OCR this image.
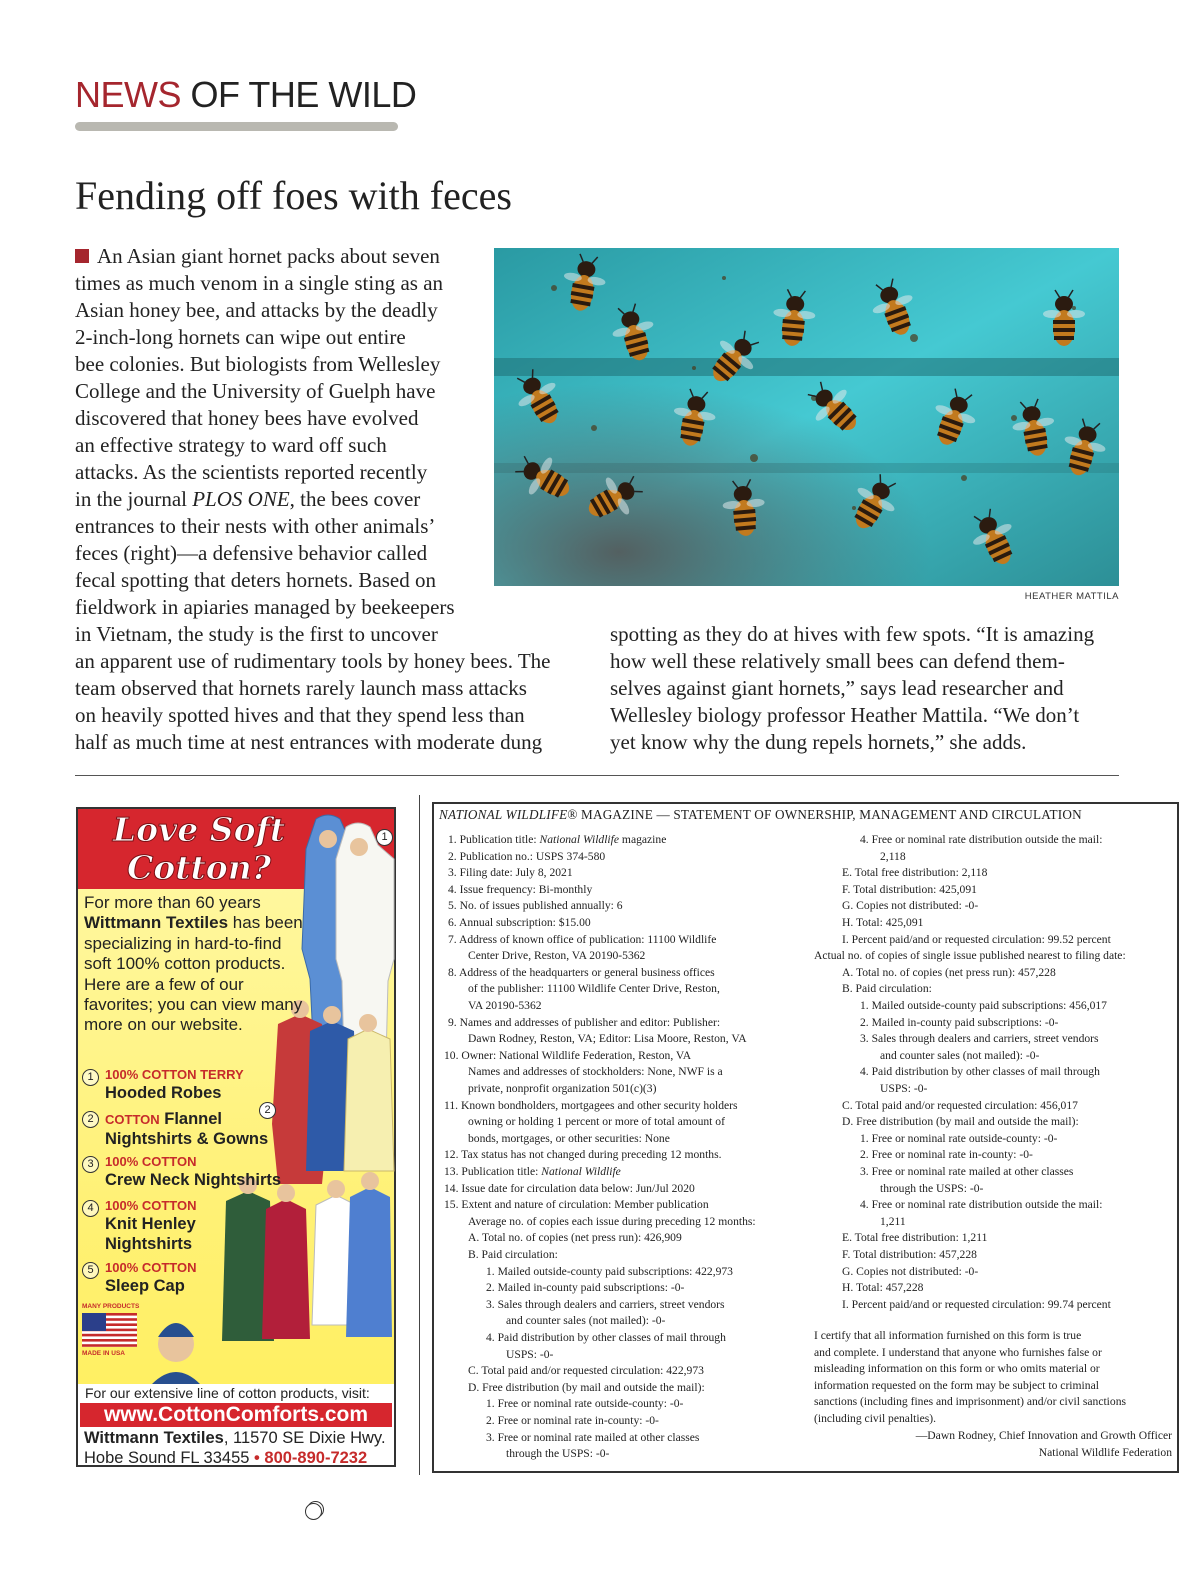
NEWS OF THE WILD
Fending off foes with feces
An Asian giant hornet packs about seven
times as much venom in a single sting as an
Asian honey bee, and attacks by the deadly
2-inch-long hornets can wipe out entire
bee colonies. But biologists from Wellesley
College and the University of Guelph have
discovered that honey bees have evolved
an effective strategy to ward off such
attacks. As the scientists reported recently
in the journal PLOS ONE, the bees cover
entrances to their nests with other animals’
feces (right)—a defensive behavior called
fecal spotting that deters hornets. Based on
fieldwork in apiaries managed by beekeepers
in Vietnam, the study is the first to uncover
an apparent use of rudimentary tools by honey bees. The
team observed that hornets rarely launch mass attacks
on heavily spotted hives and that they spend less than
half as much time at nest entrances with moderate dung
HEATHER MATTILA
spotting as they do at hives with few spots. “It is amazing
how well these relatively small bees can defend them-
selves against giant hornets,” says lead researcher and
Wellesley biology professor Heather Mattila. “We don’t
yet know why the dung repels hornets,” she adds.
Love Soft
Cotton?
MANY PRODUCTS
MADE IN USA
1
2
For more than 60 years Wittmann Textiles has been specializing in hard-to-find soft 100% cotton products. Here are a few of our favorites; you can view many more on our website.
1 100% COTTON TERRY
Hooded Robes
2 COTTON Flannel
Nightshirts & Gowns
3 100% COTTON
Crew Neck Nightshirts
4 100% COTTON
Knit Henley
Nightshirts
5 100% COTTON
Sleep Cap
For our extensive line of cotton products, visit:
www.CottonComforts.com
Wittmann Textiles, 11570 SE Dixie Hwy.
Hobe Sound FL 33455 • 800-890-7232
NATIONAL WILDLIFE® MAGAZINE — STATEMENT OF OWNERSHIP, MANAGEMENT AND CIRCULATION
I certify that all information furnished on this form is true
and complete. I understand that anyone who furnishes false or
misleading information on this form or who omits material or
information requested on the form may be subject to criminal
sanctions (including fines and imprisonment) and/or civil sanctions
(including civil penalties).
—Dawn Rodney, Chief Innovation and Growth Officer
National Wildlife Federation
1. Publication title: National Wildlife magazine
2. Publication no.: USPS 374-580
3. Filing date: July 8, 2021
4. Issue frequency: Bi-monthly
5. No. of issues published annually: 6
6. Annual subscription: $15.00
7. Address of known office of publication: 11100 Wildlife
Center Drive, Reston, VA 20190-5362
8. Address of the headquarters or general business offices
of the publisher: 11100 Wildlife Center Drive, Reston,
VA 20190-5362
9. Names and addresses of publisher and editor: Publisher:
Dawn Rodney, Reston, VA; Editor: Lisa Moore, Reston, VA
10. Owner: National Wildlife Federation, Reston, VA
Names and addresses of stockholders: None, NWF is a
private, nonprofit organization 501(c)(3)
11. Known bondholders, mortgagees and other security holders
owning or holding 1 percent or more of total amount of
bonds, mortgages, or other securities: None
12. Tax status has not changed during preceding 12 months.
13. Publication title: National Wildlife
14. Issue date for circulation data below: Jun/Jul 2020
15. Extent and nature of circulation: Member publication
Average no. of copies each issue during preceding 12 months:
A. Total no. of copies (net press run): 426,909
B. Paid circulation:
1. Mailed outside-county paid subscriptions: 422,973
2. Mailed in-county paid subscriptions: -0-
3. Sales through dealers and carriers, street vendors
and counter sales (not mailed): -0-
4. Paid distribution by other classes of mail through
USPS: -0-
C. Total paid and/or requested circulation: 422,973
D. Free distribution (by mail and outside the mail):
1. Free or nominal rate outside-county: -0-
2. Free or nominal rate in-county: -0-
3. Free or nominal rate mailed at other classes
through the USPS: -0-
4. Free or nominal rate distribution outside the mail:
2,118
E. Total free distribution: 2,118
F. Total distribution: 425,091
G. Copies not distributed: -0-
H. Total: 425,091
I. Percent paid/and or requested circulation: 99.52 percent
Actual no. of copies of single issue published nearest to filing date:
A. Total no. of copies (net press run): 457,228
B. Paid circulation:
1. Mailed outside-county paid subscriptions: 456,017
2. Mailed in-county paid subscriptions: -0-
3. Sales through dealers and carriers, street vendors
and counter sales (not mailed): -0-
4. Paid distribution by other classes of mail through
USPS: -0-
C. Total paid and/or requested circulation: 456,017
D. Free distribution (by mail and outside the mail):
1. Free or nominal rate outside-county: -0-
2. Free or nominal rate in-county: -0-
3. Free or nominal rate mailed at other classes
through the USPS: -0-
4. Free or nominal rate distribution outside the mail:
1,211
E. Total free distribution: 1,211
F. Total distribution: 457,228
G. Copies not distributed: -0-
H. Total: 457,228
I. Percent paid/and or requested circulation: 99.74 percent
